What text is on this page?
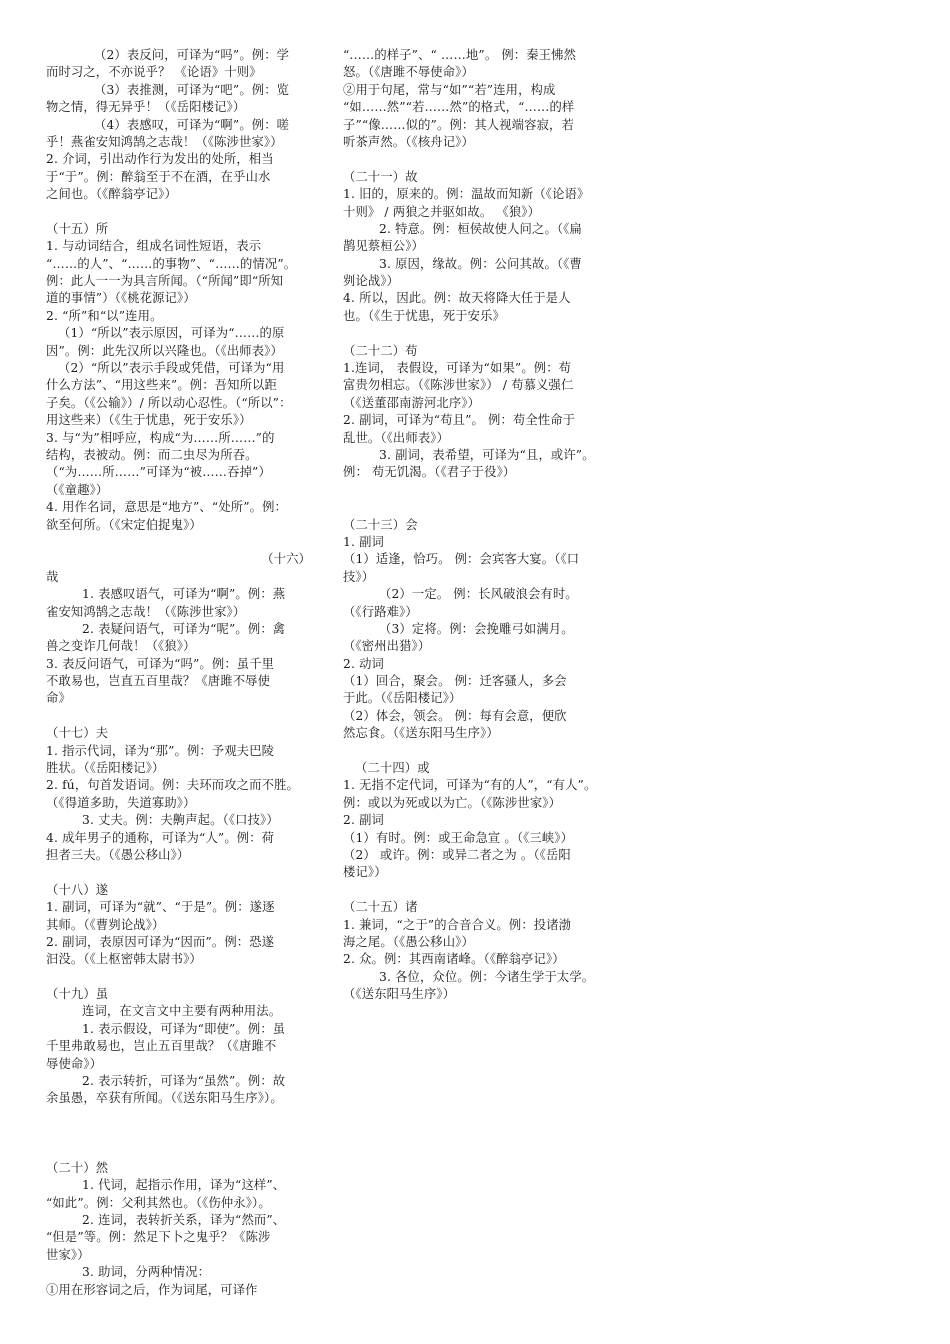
（2）表反问，可译为“吗”。例：学
而时习之，不亦说乎？ 《论语》十则》
（3）表推测，可译为“吧”。例：览
物之情，得无异乎！（《岳阳楼记》）
（4）表感叹，可译为“啊”。例：嗟
乎！燕雀安知鸿鹄之志哉！（《陈涉世家》）
2. 介词，引出动作行为发出的处所，相当
于“于”。例：醉翁至于不在酒，在乎山水
之间也。（《醉翁亭记》）
（十五）所
1. 与动词结合，组成名词性短语，表示
“……的人”、“……的事物”、“……的情况”。
例：此人一一为具言所闻。（“所闻”即“所知
道的事情”）（《桃花源记》）
2. “所”和“以”连用。
（1）“所以”表示原因，可译为“……的原
因”。例：此先汉所以兴隆也。（《出师表》）
（2）“所以”表示手段或凭借，可译为“用
什么方法”、“用这些来”。例：吾知所以距
子矣。（《公输》）/ 所以动心忍性。（“所以”：
用这些来）（《生于忧患，死于安乐》）
3. 与“为”相呼应，构成“为……所……”的
结构，表被动。例：而二虫尽为所吞。
（“为……所……”可译为“被……吞掉”）
（《童趣》）
4. 用作名词，意思是“地方”、“处所”。例：
欲至何所。（《宋定伯捉鬼》）
（十六）
哉
1. 表感叹语气，可译为“啊”。例：燕
雀安知鸿鹄之志哉！（《陈涉世家》）
2. 表疑问语气，可译为“呢”。例：禽
兽之变诈几何哉！（《狼》）
3. 表反问语气，可译为“吗”。例：虽千里
不敢易也，岂直五百里哉？《唐雎不辱使
命》
（十七）夫
1. 指示代词，译为“那”。例：予观夫巴陵
胜状。（《岳阳楼记》）
2. fú，句首发语词。例：夫环而攻之而不胜。
（《得道多助，失道寡助》）
3. 丈夫。例：夫齁声起。（《口技》）
4. 成年男子的通称，可译为“人”。例：荷
担者三夫。（《愚公移山》）
（十八）遂
1. 副词，可译为“就”、“于是”。例：遂逐
其师。（《曹刿论战》）
2. 副词，表原因可译为“因而”。例：恐遂
汩没。（《上枢密韩太尉书》）
（十九）虽
连词，在文言文中主要有两种用法。
1. 表示假设，可译为“即使”。例：虽
千里弗敢易也，岂止五百里哉？（《唐雎不
辱使命》）
2. 表示转折，可译为“虽然”。例：故
余虽愚，卒获有所闻。（《送东阳马生序》）。
（二十）然
1. 代词，起指示作用，译为“这样”、
“如此”。例：父利其然也。（《伤仲永》）。
2. 连词，表转折关系，译为“然而”、
“但是”等。例：然足下卜之鬼乎？《陈涉
世家》）
3. 助词，分两种情况：
①用在形容词之后，作为词尾，可译作
“……的样子”、“ ……地”。 例：秦王怫然
怒。（《唐雎不辱使命》）
②用于句尾，常与“如”“若”连用，构成
“如……然”“若……然”的格式，“……的样
子”“像……似的”。例：其人视端容寂，若
听茶声然。（《核舟记》）
（二十一）故
1. 旧的，原来的。例：温故而知新（《论语》
十则》 / 两狼之并驱如故。 《狼》）
2. 特意。例：桓侯故使人问之。（《扁
鹊见蔡桓公》）
3. 原因，缘故。例：公问其故。（《曹
刿论战》）
4. 所以，因此。例：故天将降大任于是人
也。（《生于忧患，死于安乐》
（二十二）苟
1.连词， 表假设，可译为“如果”。例：苟
富贵勿相忘。（《陈涉世家》） / 苟慕义强仁
（《送董邵南游河北序》）
2. 副词，可译为“苟且”。 例：苟全性命于
乱世。（《出师表》）
3. 副词，表希望，可译为“且，或许”。
例： 苟无饥渴。（《君子于役》）
（二十三）会
1. 副词
（1）适逢，恰巧。 例：会宾客大宴。（《口
技》）
（2）一定。 例：长风破浪会有时。
（《行路难》）
（3）定将。例：会挽雕弓如满月。
（《密州出猎》）
2. 动词
（1）回合，聚会。 例：迁客骚人，多会
于此。（《岳阳楼记》）
（2）体会，领会。 例：每有会意，便欣
然忘食。（《送东阳马生序》）
（二十四）或
1. 无指不定代词，可译为“有的人”，“有人”。
例：或以为死或以为亡。（《陈涉世家》）
2. 副词
（1）有时。例：或王命急宣 。（《三峡》）
（2） 或许。例：或异二者之为 。（《岳阳
楼记》）
（二十五）诸
1. 兼词，“之于”的合音合义。例：投诸渤
海之尾。（《愚公移山》）
2. 众。例：其西南诸峰。（《醉翁亭记》）
3. 各位，众位。例：今诸生学于太学。
（《送东阳马生序》）
